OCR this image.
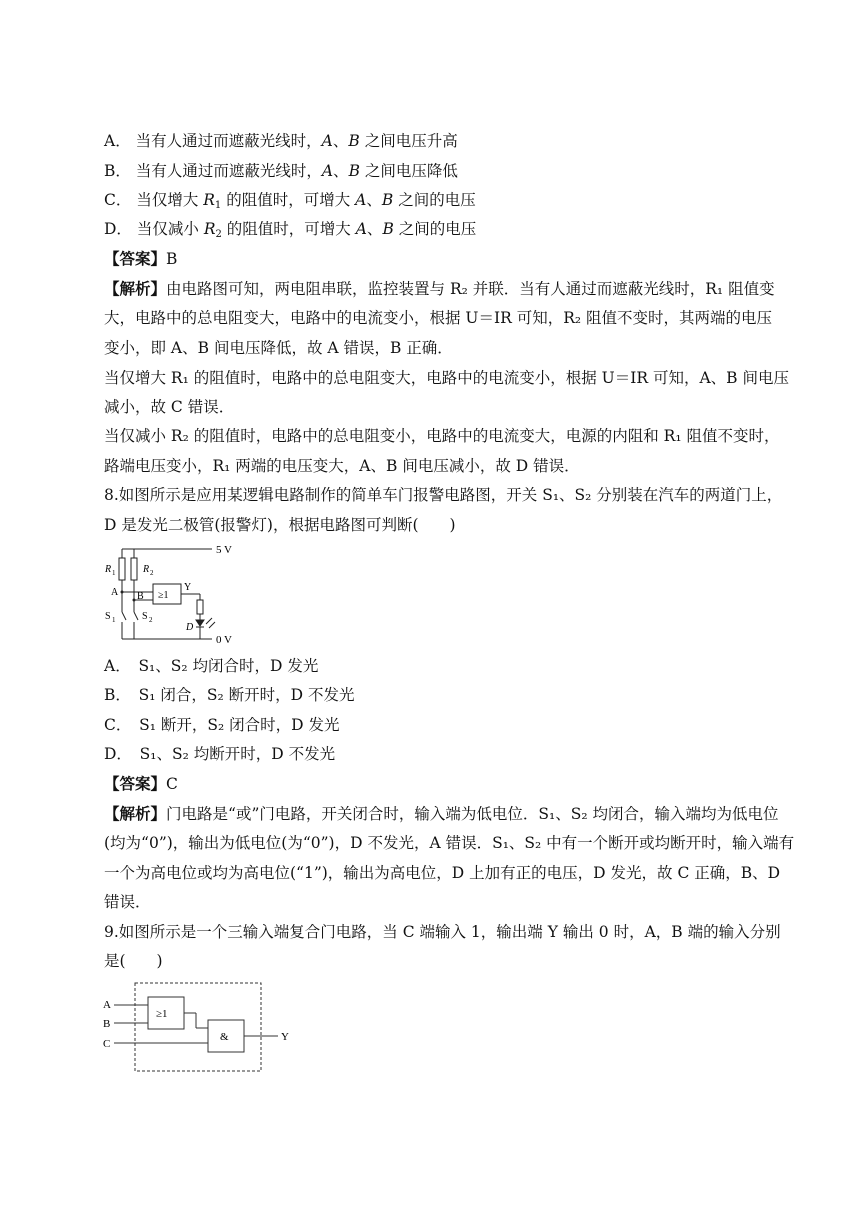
A． 当有人通过而遮蔽光线时，A、B 之间电压升高
B． 当有人通过而遮蔽光线时，A、B 之间电压降低
C． 当仅增大 $R_1$ 的阻值时，可增大 A、B 之间的电压
D． 当仅减小 $R_2$ 的阻值时，可增大 A、B 之间的电压
【答案】B
【解析】由电路图可知，两电阻串联，监控装置与 R₂ 并联．当有人通过而遮蔽光线时，R₁ 阻值变
大，电路中的总电阻变大，电路中的电流变小，根据 U＝IR 可知，R₂ 阻值不变时，其两端的电压
变小，即 A、B 间电压降低，故 A 错误，B 正确．
当仅增大 R₁ 的阻值时，电路中的总电阻变大，电路中的电流变小，根据 U＝IR 可知，A、B 间电压
减小，故 C 错误．
当仅减小 R₂ 的阻值时，电路中的总电阻变小，电路中的电流变大，电源的内阻和 R₁ 阻值不变时，
路端电压变小，R₁ 两端的电压变大，A、B 间电压减小，故 D 错误．
8.如图所示是应用某逻辑电路制作的简单车门报警电路图，开关 S₁、S₂ 分别装在汽车的两道门上，
D 是发光二极管(报警灯)，根据电路图可判断(　　)
5 V
0 V
R 1	R 2
≥1
Y
A B
S 1	S 2
D
A．　S₁、S₂ 均闭合时，D 发光
B．　S₁ 闭合，S₂ 断开时，D 不发光
C．　S₁ 断开，S₂ 闭合时，D 发光
D．　S₁、S₂ 均断开时，D 不发光
【答案】C
【解析】门电路是“或”门电路，开关闭合时，输入端为低电位．S₁、S₂ 均闭合，输入端均为低电位
(均为“0”)，输出为低电位(为“0”)，D 不发光，A 错误．S₁、S₂ 中有一个断开或均断开时，输入端有
一个为高电位或均为高电位(“1”)，输出为高电位，D 上加有正的电压，D 发光，故 C 正确，B、D
错误．
9.如图所示是一个三输入端复合门电路，当 C 端输入 1，输出端 Y 输出 0 时，A，B 端的输入分别
是(　　)
A
B
C
≥1
&	Y
